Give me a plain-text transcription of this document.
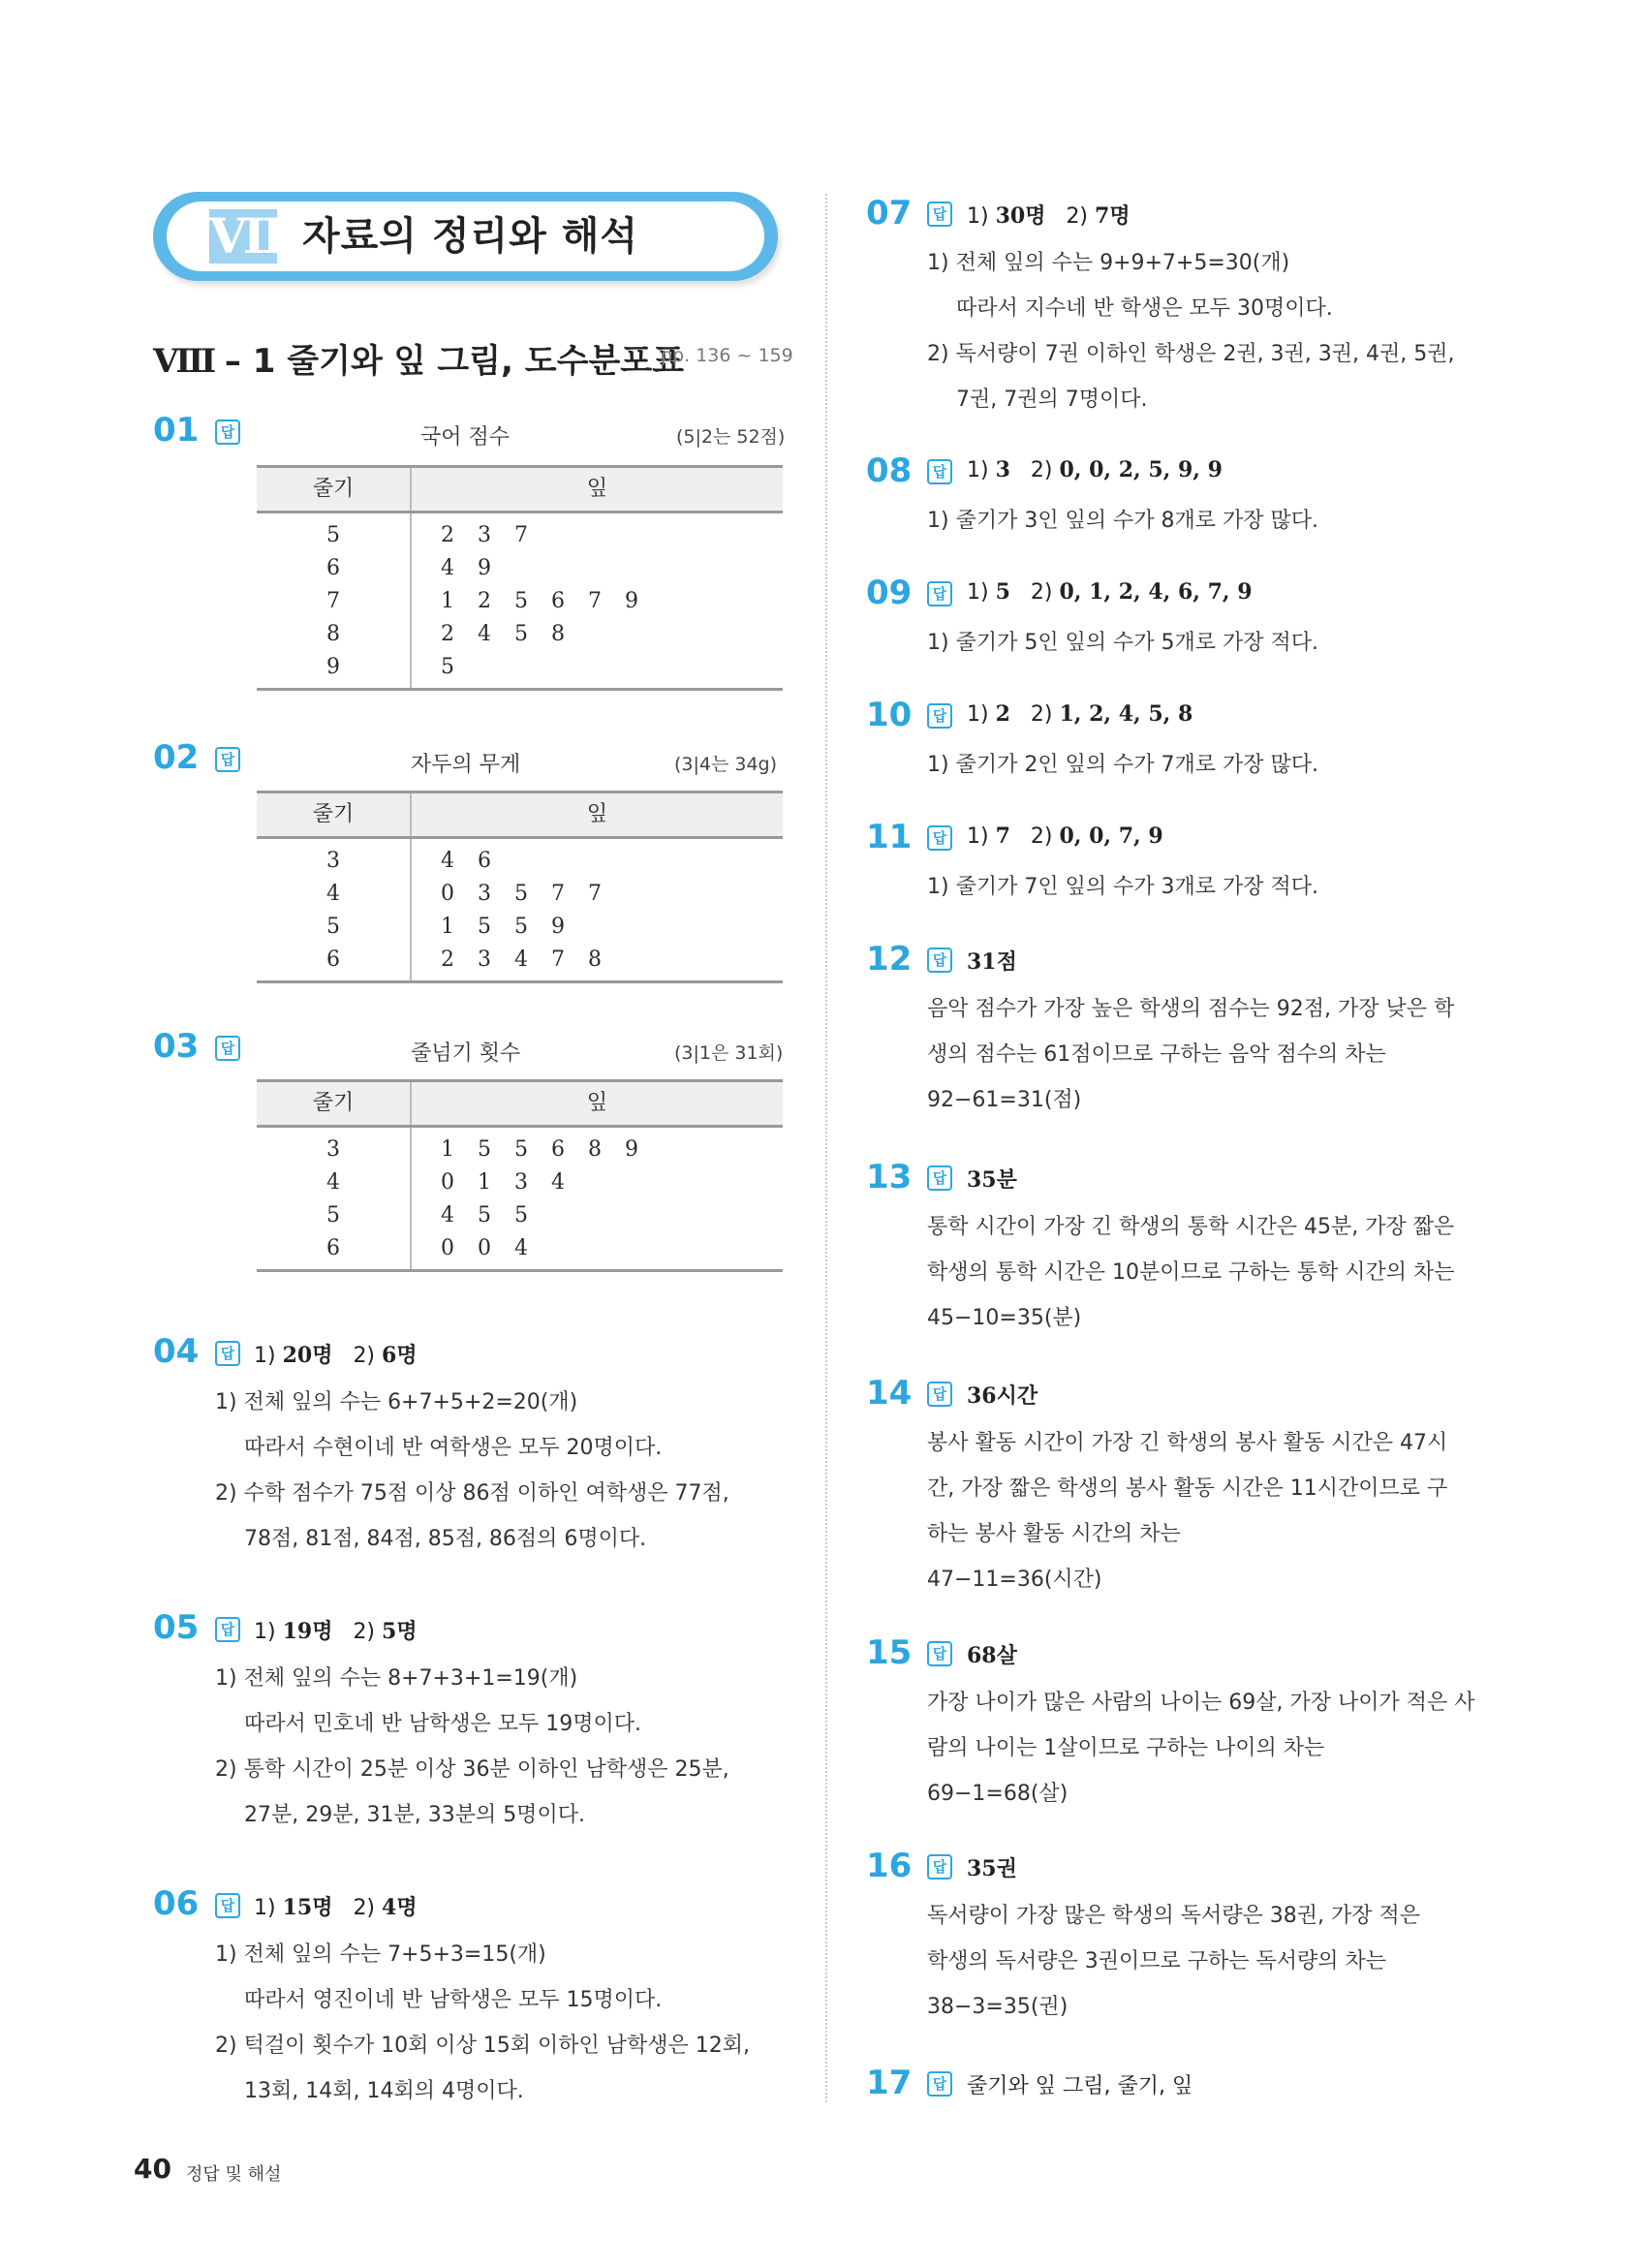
VIII 자료의 정리와 해석
VIII – 1 줄기와 잎 그림, 도수분포표
pp. 136 ~ 159
01	답	국어 점수	(5|2는 52점)
줄기	잎
5	2 3 7
6	4 9
7	1 2 5 6 7 9
8	2 4 5 8
9	5
02	답	자두의 무게	(3|4는 34g)
줄기	잎
3	4 6
4	0 3 5 7 7
5	1 5 5 9
6	2 3 4 7 8
03	답	줄넘기 횟수	(3|1은 31회)
줄기	잎
3	1 5 5 6 8 9
4	0 1 3 4
5	4 5 5
6	0 0 4
04	답 1) 20명 2) 6명
1) 전체 잎의 수는 6+7+5+2=20(개)
따라서 수현이네 반 여학생은 모두 20명이다.
2) 수학 점수가 75점 이상 86점 이하인 여학생은 77점,
78점, 81점, 84점, 85점, 86점의 6명이다.
05	답 1) 19명 2) 5명
1) 전체 잎의 수는 8+7+3+1=19(개)
따라서 민호네 반 남학생은 모두 19명이다.
2) 통학 시간이 25분 이상 36분 이하인 남학생은 25분,
27분, 29분, 31분, 33분의 5명이다.
06	답 1) 15명 2) 4명
1) 전체 잎의 수는 7+5+3=15(개)
따라서 영진이네 반 남학생은 모두 15명이다.
2) 턱걸이 횟수가 10회 이상 15회 이하인 남학생은 12회,
13회, 14회, 14회의 4명이다.
07	답 1) 30명 2) 7명
1) 전체 잎의 수는 9+9+7+5=30(개)
따라서 지수네 반 학생은 모두 30명이다.
2) 독서량이 7권 이하인 학생은 2권, 3권, 3권, 4권, 5권,
7권, 7권의 7명이다.
08	답 1) 3 2) 0, 0, 2, 5, 9, 9
1) 줄기가 3인 잎의 수가 8개로 가장 많다.
09	답 1) 5 2) 0, 1, 2, 4, 6, 7, 9
1) 줄기가 5인 잎의 수가 5개로 가장 적다.
10	답 1) 2 2) 1, 2, 4, 5, 8
1) 줄기가 2인 잎의 수가 7개로 가장 많다.
11	답 1) 7 2) 0, 0, 7, 9
1) 줄기가 7인 잎의 수가 3개로 가장 적다.
12	답 31점
음악 점수가 가장 높은 학생의 점수는 92점, 가장 낮은 학
생의 점수는 61점이므로 구하는 음악 점수의 차는
92−61=31(점)
13	답 35분
통학 시간이 가장 긴 학생의 통학 시간은 45분, 가장 짧은
학생의 통학 시간은 10분이므로 구하는 통학 시간의 차는
45−10=35(분)
14	답 36시간
봉사 활동 시간이 가장 긴 학생의 봉사 활동 시간은 47시
간, 가장 짧은 학생의 봉사 활동 시간은 11시간이므로 구
하는 봉사 활동 시간의 차는
47−11=36(시간)
15	답 68살
가장 나이가 많은 사람의 나이는 69살, 가장 나이가 적은 사
람의 나이는 1살이므로 구하는 나이의 차는
69−1=68(살)
16	답 35권
독서량이 가장 많은 학생의 독서량은 38권, 가장 적은
학생의 독서량은 3권이므로 구하는 독서량의 차는
38−3=35(권)
17	답 줄기와 잎 그림, 줄기, 잎
40 정답 및 해설
